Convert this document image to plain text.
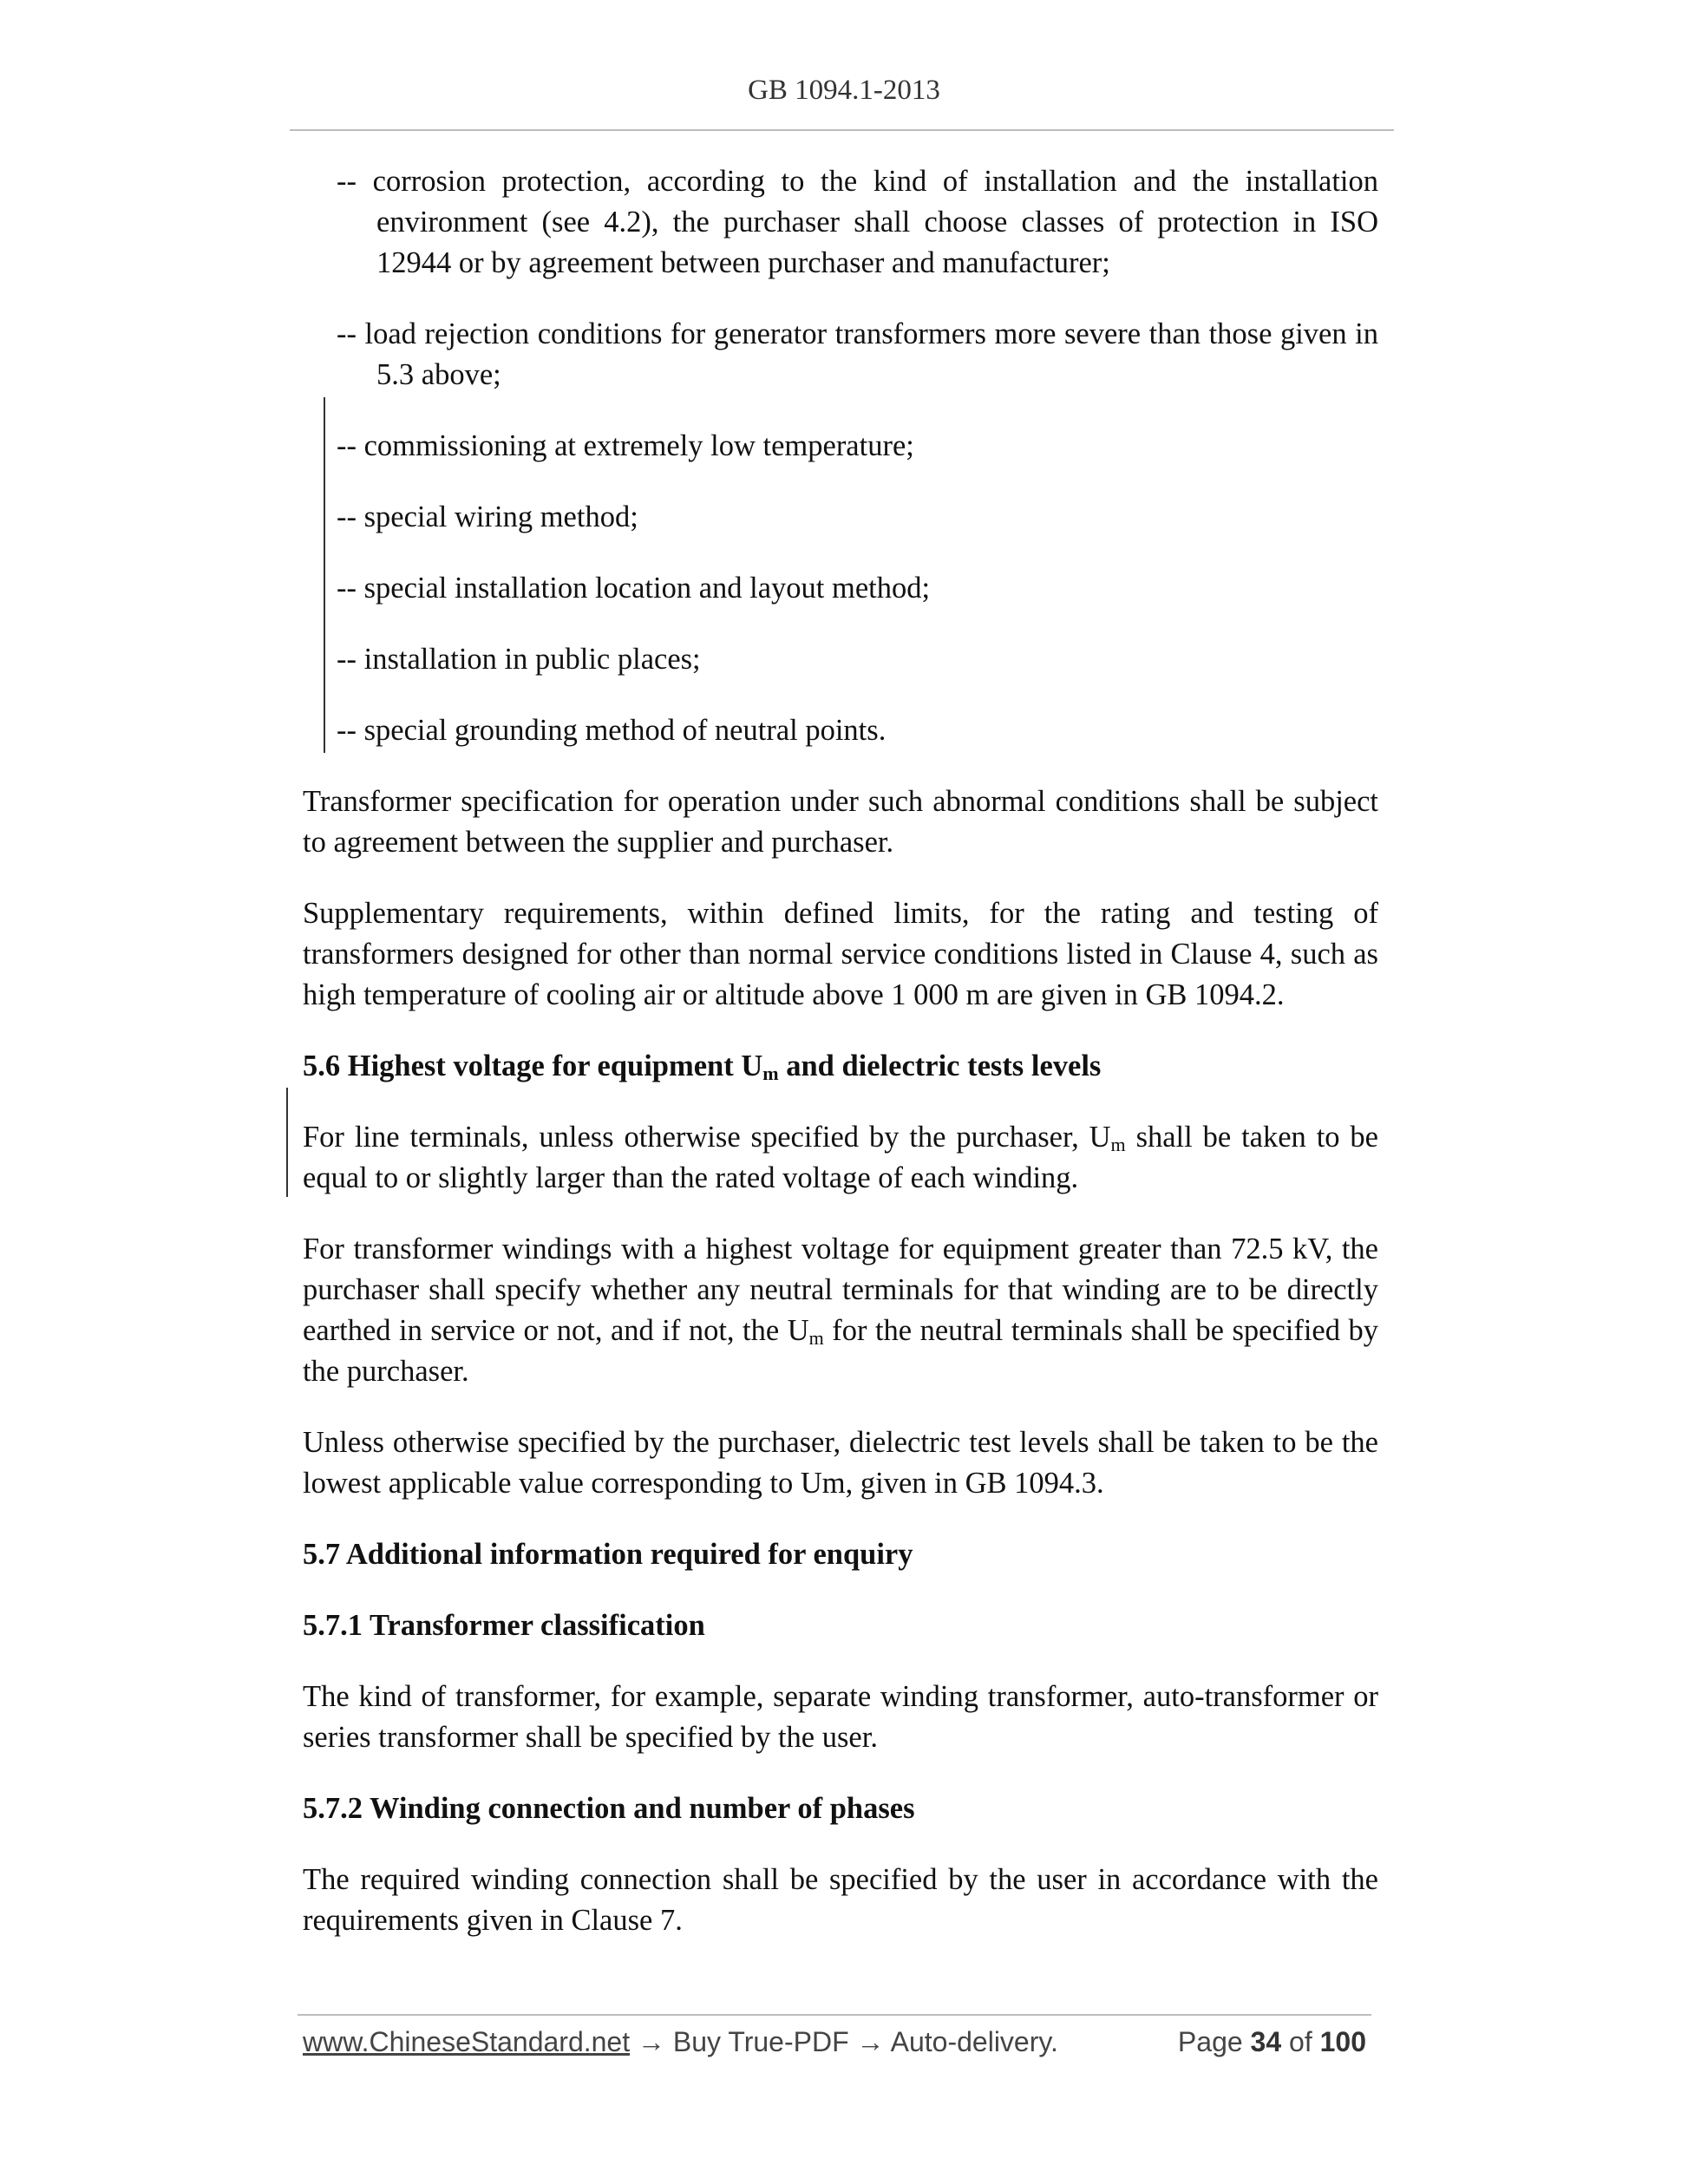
GB 1094.1-2013
-- corrosion protection, according to the kind of installation and the installation environment (see 4.2), the purchaser shall choose classes of protection in ISO 12944 or by agreement between purchaser and manufacturer;
-- load rejection conditions for generator transformers more severe than those given in 5.3 above;
-- commissioning at extremely low temperature;
-- special wiring method;
-- special installation location and layout method;
-- installation in public places;
-- special grounding method of neutral points.
Transformer specification for operation under such abnormal conditions shall be subject to agreement between the supplier and purchaser.
Supplementary requirements, within defined limits, for the rating and testing of transformers designed for other than normal service conditions listed in Clause 4, such as high temperature of cooling air or altitude above 1 000 m are given in GB 1094.2.
5.6 Highest voltage for equipment $U_m$ and dielectric tests levels
For line terminals, unless otherwise specified by the purchaser, $U_m$ shall be taken to be equal to or slightly larger than the rated voltage of each winding.
For transformer windings with a highest voltage for equipment greater than 72.5 kV, the purchaser shall specify whether any neutral terminals for that winding are to be directly earthed in service or not, and if not, the $U_m$ for the neutral terminals shall be specified by the purchaser.
Unless otherwise specified by the purchaser, dielectric test levels shall be taken to be the lowest applicable value corresponding to Um, given in GB 1094.3.
5.7 Additional information required for enquiry
5.7.1 Transformer classification
The kind of transformer, for example, separate winding transformer, auto-transformer or series transformer shall be specified by the user.
5.7.2 Winding connection and number of phases
The required winding connection shall be specified by the user in accordance with the requirements given in Clause 7.
www.ChineseStandard.net → Buy True-PDF → Auto-delivery.	Page 34 of 100
